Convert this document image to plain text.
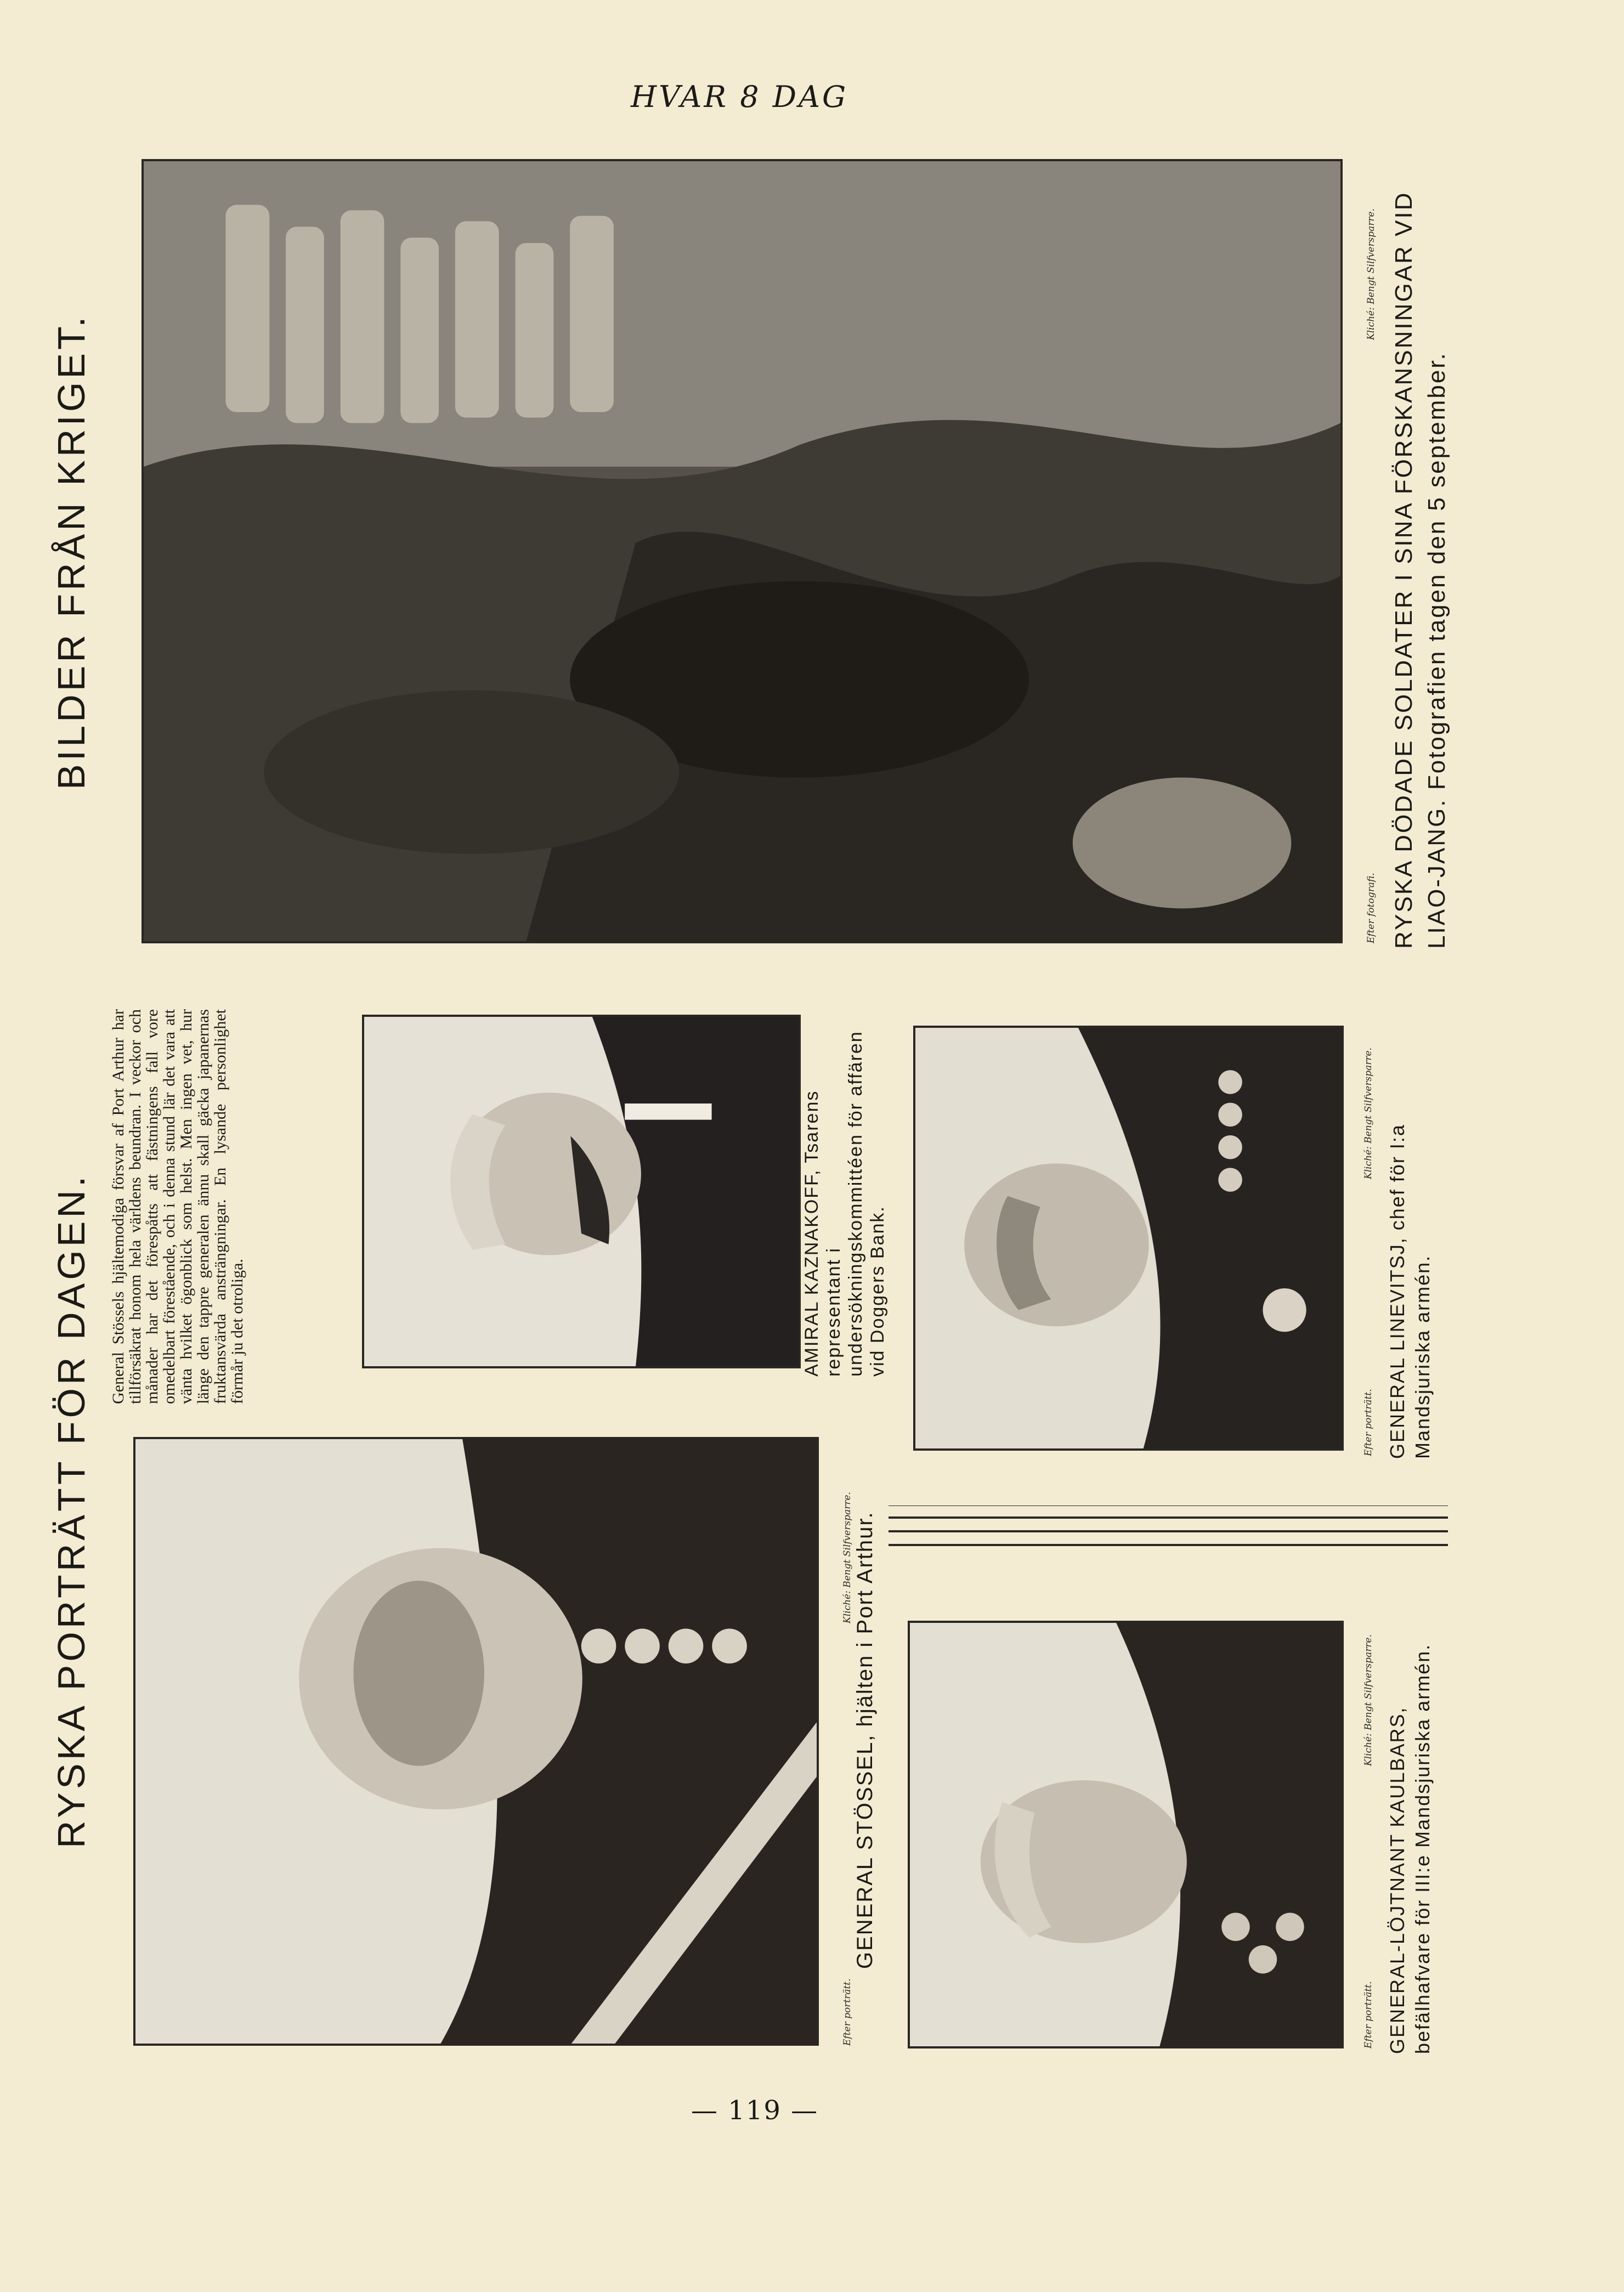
HVAR 8 DAG
Efter fotografi.
Kliché: Bengt Silfversparre. RYSKA DÖDADE SOLDATER I SINA FÖRSKANSNINGAR VID LIAO-JANG. Fotografien tagen den 5 september.
BILDER FRÅN KRIGET.
RYSKA PORTRÄTT FÖR DAGEN. General Stössels hjältemodiga försvar af Port Arthur har tillförsäkrat honom hela världens beundran. I veckor och månader har det förespåtts att fästningens fall vore omedelbart förestående, och i denna stund lär det vara att vänta hvilket ögonblick som helst. Men ingen vet, hur länge den tappre generalen ännu skall gäcka japanernas fruktansvärda ansträngningar. En lysande personlighet förmår ju det otroliga.
Efter porträtt.
Kliché: Bengt Silfversparre. GENERAL STÖSSEL, hjälten i Port Arthur.
AMIRAL KAZNAKOFF, Tsarens representant i undersökningskommittéen för affären vid Doggers Bank.
Efter porträtt.
Kliché: Bengt Silfversparre.
GENERAL-LÖJTNANT KAULBARS, befälhafvare för III:e Mandsjuriska armén.
Efter porträtt.
Kliché: Bengt Silfversparre.
GENERAL LINEVITSJ, chef för I:a Mandsjuriska armén.
— 119 —
